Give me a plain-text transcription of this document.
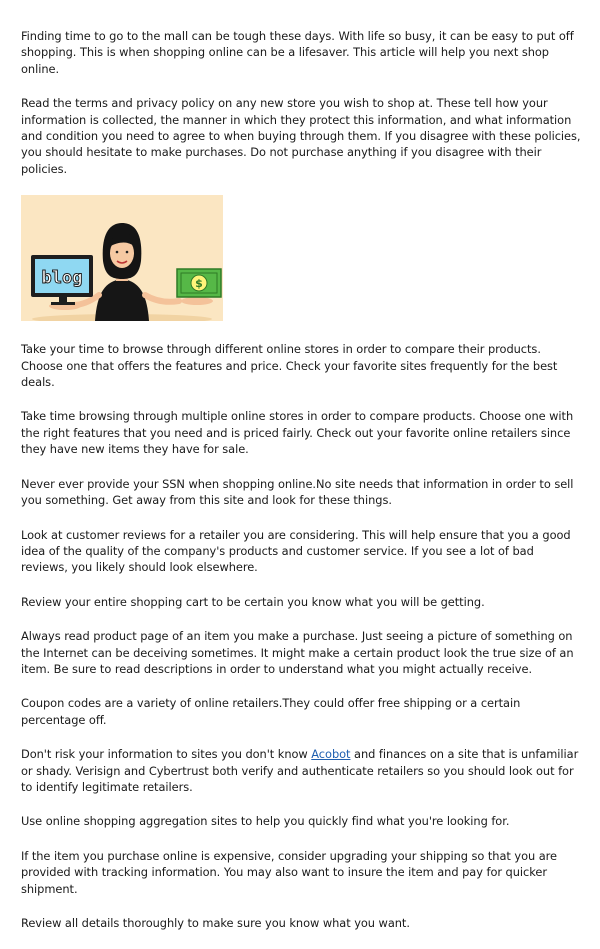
Finding time to go to the mall can be tough these days. With life so busy, it can be easy to put off shopping. This is when shopping online can be a lifesaver. This article will help you next shop online.

Read the terms and privacy policy on any new store you wish to shop at. These tell how your information is collected, the manner in which they protect this information, and what information and condition you need to agree to when buying through them. If you disagree with these policies, you should hesitate to make purchases. Do not purchase anything if you disagree with their policies.

blog	$

Take your time to browse through different online stores in order to compare their products. Choose one that offers the features and price. Check your favorite sites frequently for the best deals.

Take time browsing through multiple online stores in order to compare products. Choose one with the right features that you need and is priced fairly. Check out your favorite online retailers since they have new items they have for sale.

Never ever provide your SSN when shopping online.No site needs that information in order to sell you something. Get away from this site and look for these things.

Look at customer reviews for a retailer you are considering. This will help ensure that you a good idea of the quality of the company's products and customer service. If you see a lot of bad reviews, you likely should look elsewhere.

Review your entire shopping cart to be certain you know what you will be getting.

Always read product page of an item you make a purchase. Just seeing a picture of something on the Internet can be deceiving sometimes. It might make a certain product look the true size of an item. Be sure to read descriptions in order to understand what you might actually receive.

Coupon codes are a variety of online retailers.They could offer free shipping or a certain percentage off.

Don't risk your information to sites you don't know Acobot and finances on a site that is unfamiliar or shady. Verisign and Cybertrust both verify and authenticate retailers so you should look out for to identify legitimate retailers.

Use online shopping aggregation sites to help you quickly find what you're looking for.

If the item you purchase online is expensive, consider upgrading your shipping so that you are provided with tracking information. You may also want to insure the item and pay for quicker shipment.

Review all details thoroughly to make sure you know what you want.
